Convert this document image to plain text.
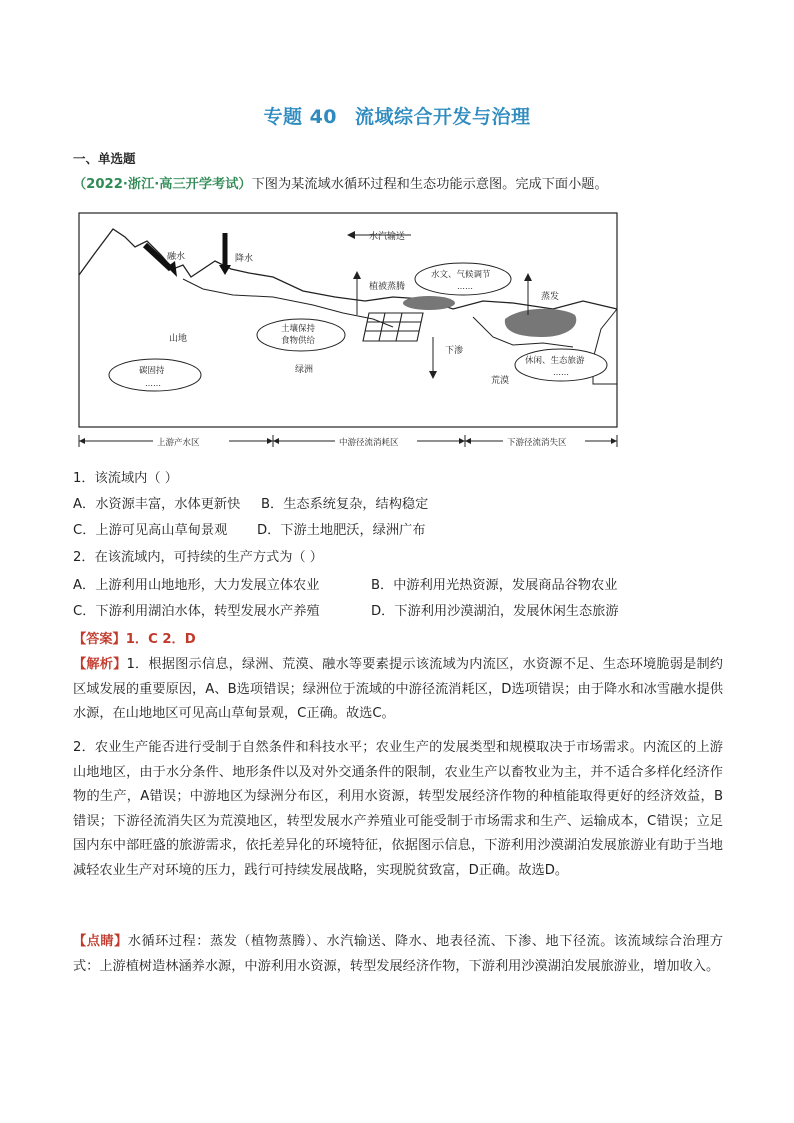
专题 40 流域综合开发与治理
一、单选题
（2022·浙江·高三开学考试）下图为某流域水循环过程和生态功能示意图。完成下面小题。
融水	降水
水汽输送
植被蒸腾
水文、气候调节
……
蒸发
山地
土壤保持
食物供给
下渗
休闲、生态旅游
……
碳固持
……
绿洲
荒漠
上游产水区	中游径流消耗区	下游径流消失区
1．该流域内（ ）
A．水资源丰富，水体更新快 B．生态系统复杂，结构稳定
C．上游可见高山草甸景观 D．下游土地肥沃，绿洲广布
2．在该流域内，可持续的生产方式为（ ）
A．上游利用山地地形，大力发展立体农业	B．中游利用光热资源，发展商品谷物农业
C．下游利用湖泊水体，转型发展水产养殖	D．下游利用沙漠湖泊，发展休闲生态旅游
【答案】1．C 2．D
【解析】1．根据图示信息，绿洲、荒漠、融水等要素提示该流域为内流区，水资源不足、生态环境脆弱是制约区域发展的重要原因，A、B选项错误；绿洲位于流域的中游径流消耗区，D选项错误；由于降水和冰雪融水提供水源，在山地地区可见高山草甸景观，C正确。故选C。
2．农业生产能否进行受制于自然条件和科技水平；农业生产的发展类型和规模取决于市场需求。内流区的上游山地地区，由于水分条件、地形条件以及对外交通条件的限制，农业生产以畜牧业为主，并不适合多样化经济作物的生产，A错误；中游地区为绿洲分布区，利用水资源，转型发展经济作物的种植能取得更好的经济效益，B错误；下游径流消失区为荒漠地区，转型发展水产养殖业可能受制于市场需求和生产、运输成本，C错误；立足国内东中部旺盛的旅游需求，依托差异化的环境特征，依据图示信息，下游利用沙漠湖泊发展旅游业有助于当地减轻农业生产对环境的压力，践行可持续发展战略，实现脱贫致富，D正确。故选D。
【点睛】水循环过程：蒸发（植物蒸腾）、水汽输送、降水、地表径流、下渗、地下径流。该流域综合治理方式：上游植树造林涵养水源，中游利用水资源，转型发展经济作物，下游利用沙漠湖泊发展旅游业，增加收入。
